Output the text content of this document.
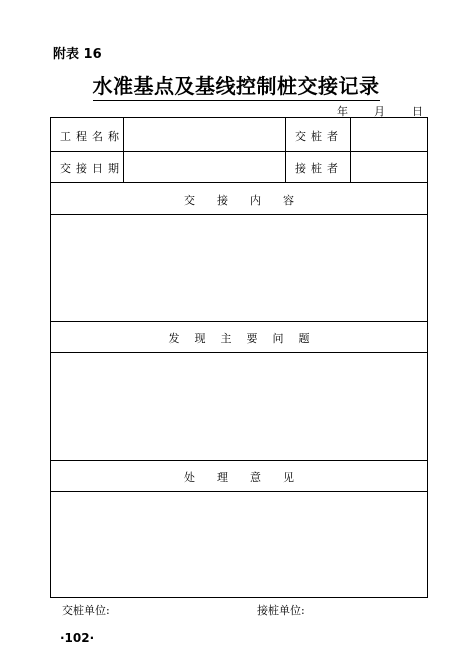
附表 16
水准基点及基线控制桩交接记录
年 月 日
工程名称	交桩者
交接日期	接桩者
交接内容
发现主要问题
处理意见
交桩单位:	接桩单位:
·102·
